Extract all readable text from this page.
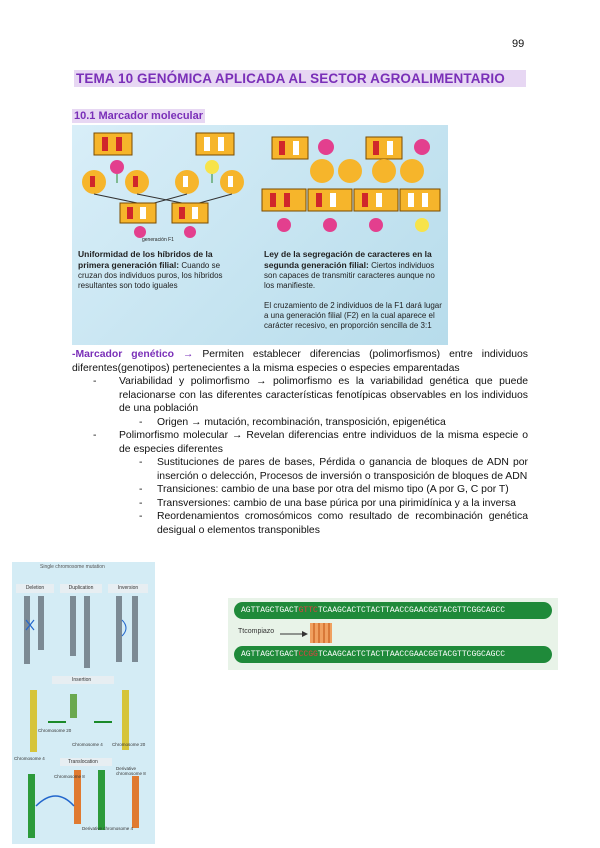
99
TEMA 10 GENÓMICA APLICADA AL SECTOR AGROALIMENTARIO
10.1 Marcador molecular
generación F1
Uniformidad de los híbridos de la primera generación filial: Cuando se cruzan dos individuos puros, los híbridos resultantes son todo iguales
Ley de la segregación de caracteres en la segunda generación filial: Ciertos individuos son capaces de transmitir caracteres aunque no los manifieste.
El cruzamiento de 2 individuos de la F1 dará lugar a una generación filial (F2) en la cual aparece el carácter recesivo, en proporción sencilla de 3:1

-Marcador genético → Permiten establecer diferencias (polimorfismos) entre individuos diferentes(genotipos) pertenecientes a la misma especies o especies emparentadas

- Variabilidad y polimorfismo → polimorfismo es la variabilidad genética que puede relacionarse con las diferentes características fenotípicas observables en los individuos de una población
- Origen → mutación, recombinación, transposición, epigenética
- Polimorfismo molecular → Revelan diferencias entre individuos de la misma especie o de especies diferentes
- Sustituciones de pares de bases, Pérdida o ganancia de bloques de ADN por inserción o delección, Procesos de inversión o transposición de bloques de ADN
- Transiciones: cambio de una base por otra del mismo tipo (A por G, C por T)
- Transversiones: cambio de una base púrica por una pirimidínica y a la inversa
- Reordenamientos cromosómicos como resultado de recombinación genética desigual o elementos transponibles
Single chromosome mutation
Deletion	Duplication	Inversion
Insertion
Chromosome 20
Chromosome 4
Chromosome 4 Chromosome 20
Translocation
Chromosome 8
Derivative chromosome 8
Derivative chromosome 4
AGTTAGCTGACTGTTCTCAAGCACTCTACTTAACCGAACGGTACGTTCGGCAGCC
Ttcompiazo
AGTTAGCTGACTCCGGTCAAGCACTCTACTTAACCGAACGGTACGTTCGGCAGCC
